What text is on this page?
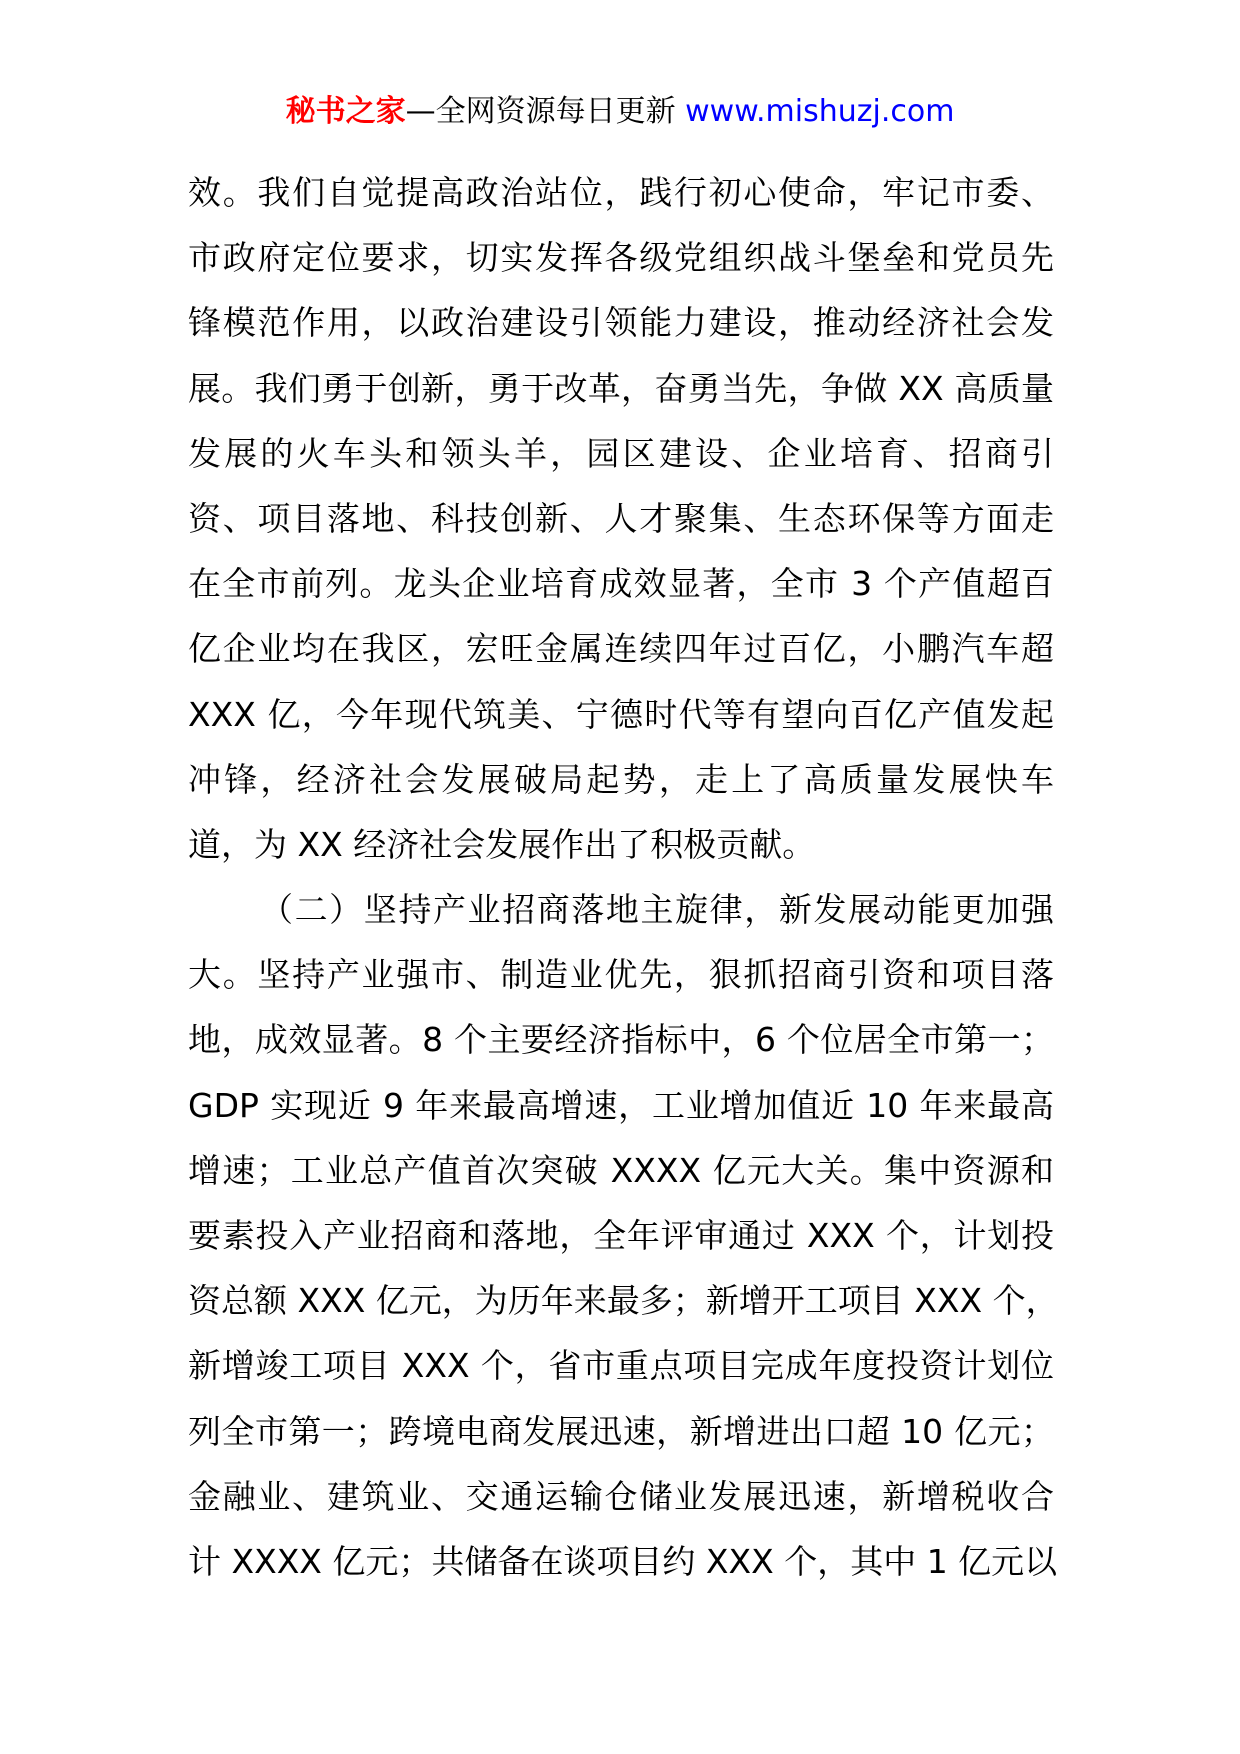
秘书之家—全网资源每日更新 www.mishuzj.com
效。我们自觉提高政治站位，践行初心使命，牢记市委、
市政府定位要求，切实发挥各级党组织战斗堡垒和党员先
锋模范作用，以政治建设引领能力建设，推动经济社会发
展。我们勇于创新，勇于改革，奋勇当先，争做 XX 高质量
发展的火车头和领头羊，园区建设、企业培育、招商引
资、项目落地、科技创新、人才聚集、生态环保等方面走
在全市前列。龙头企业培育成效显著，全市 3 个产值超百
亿企业均在我区，宏旺金属连续四年过百亿，小鹏汽车超
XXX 亿，今年现代筑美、宁德时代等有望向百亿产值发起
冲锋，经济社会发展破局起势，走上了高质量发展快车
道，为 XX 经济社会发展作出了积极贡献。
（二）坚持产业招商落地主旋律，新发展动能更加强
大。坚持产业强市、制造业优先，狠抓招商引资和项目落
地，成效显著。8 个主要经济指标中，6 个位居全市第一；
GDP 实现近 9 年来最高增速，工业增加值近 10 年来最高
增速；工业总产值首次突破 XXXX 亿元大关。集中资源和
要素投入产业招商和落地，全年评审通过 XXX 个，计划投
资总额 XXX 亿元，为历年来最多；新增开工项目 XXX 个，
新增竣工项目 XXX 个，省市重点项目完成年度投资计划位
列全市第一；跨境电商发展迅速，新增进出口超 10 亿元；
金融业、建筑业、交通运输仓储业发展迅速，新增税收合
计 XXXX 亿元；共储备在谈项目约 XXX 个，其中 1 亿元以
